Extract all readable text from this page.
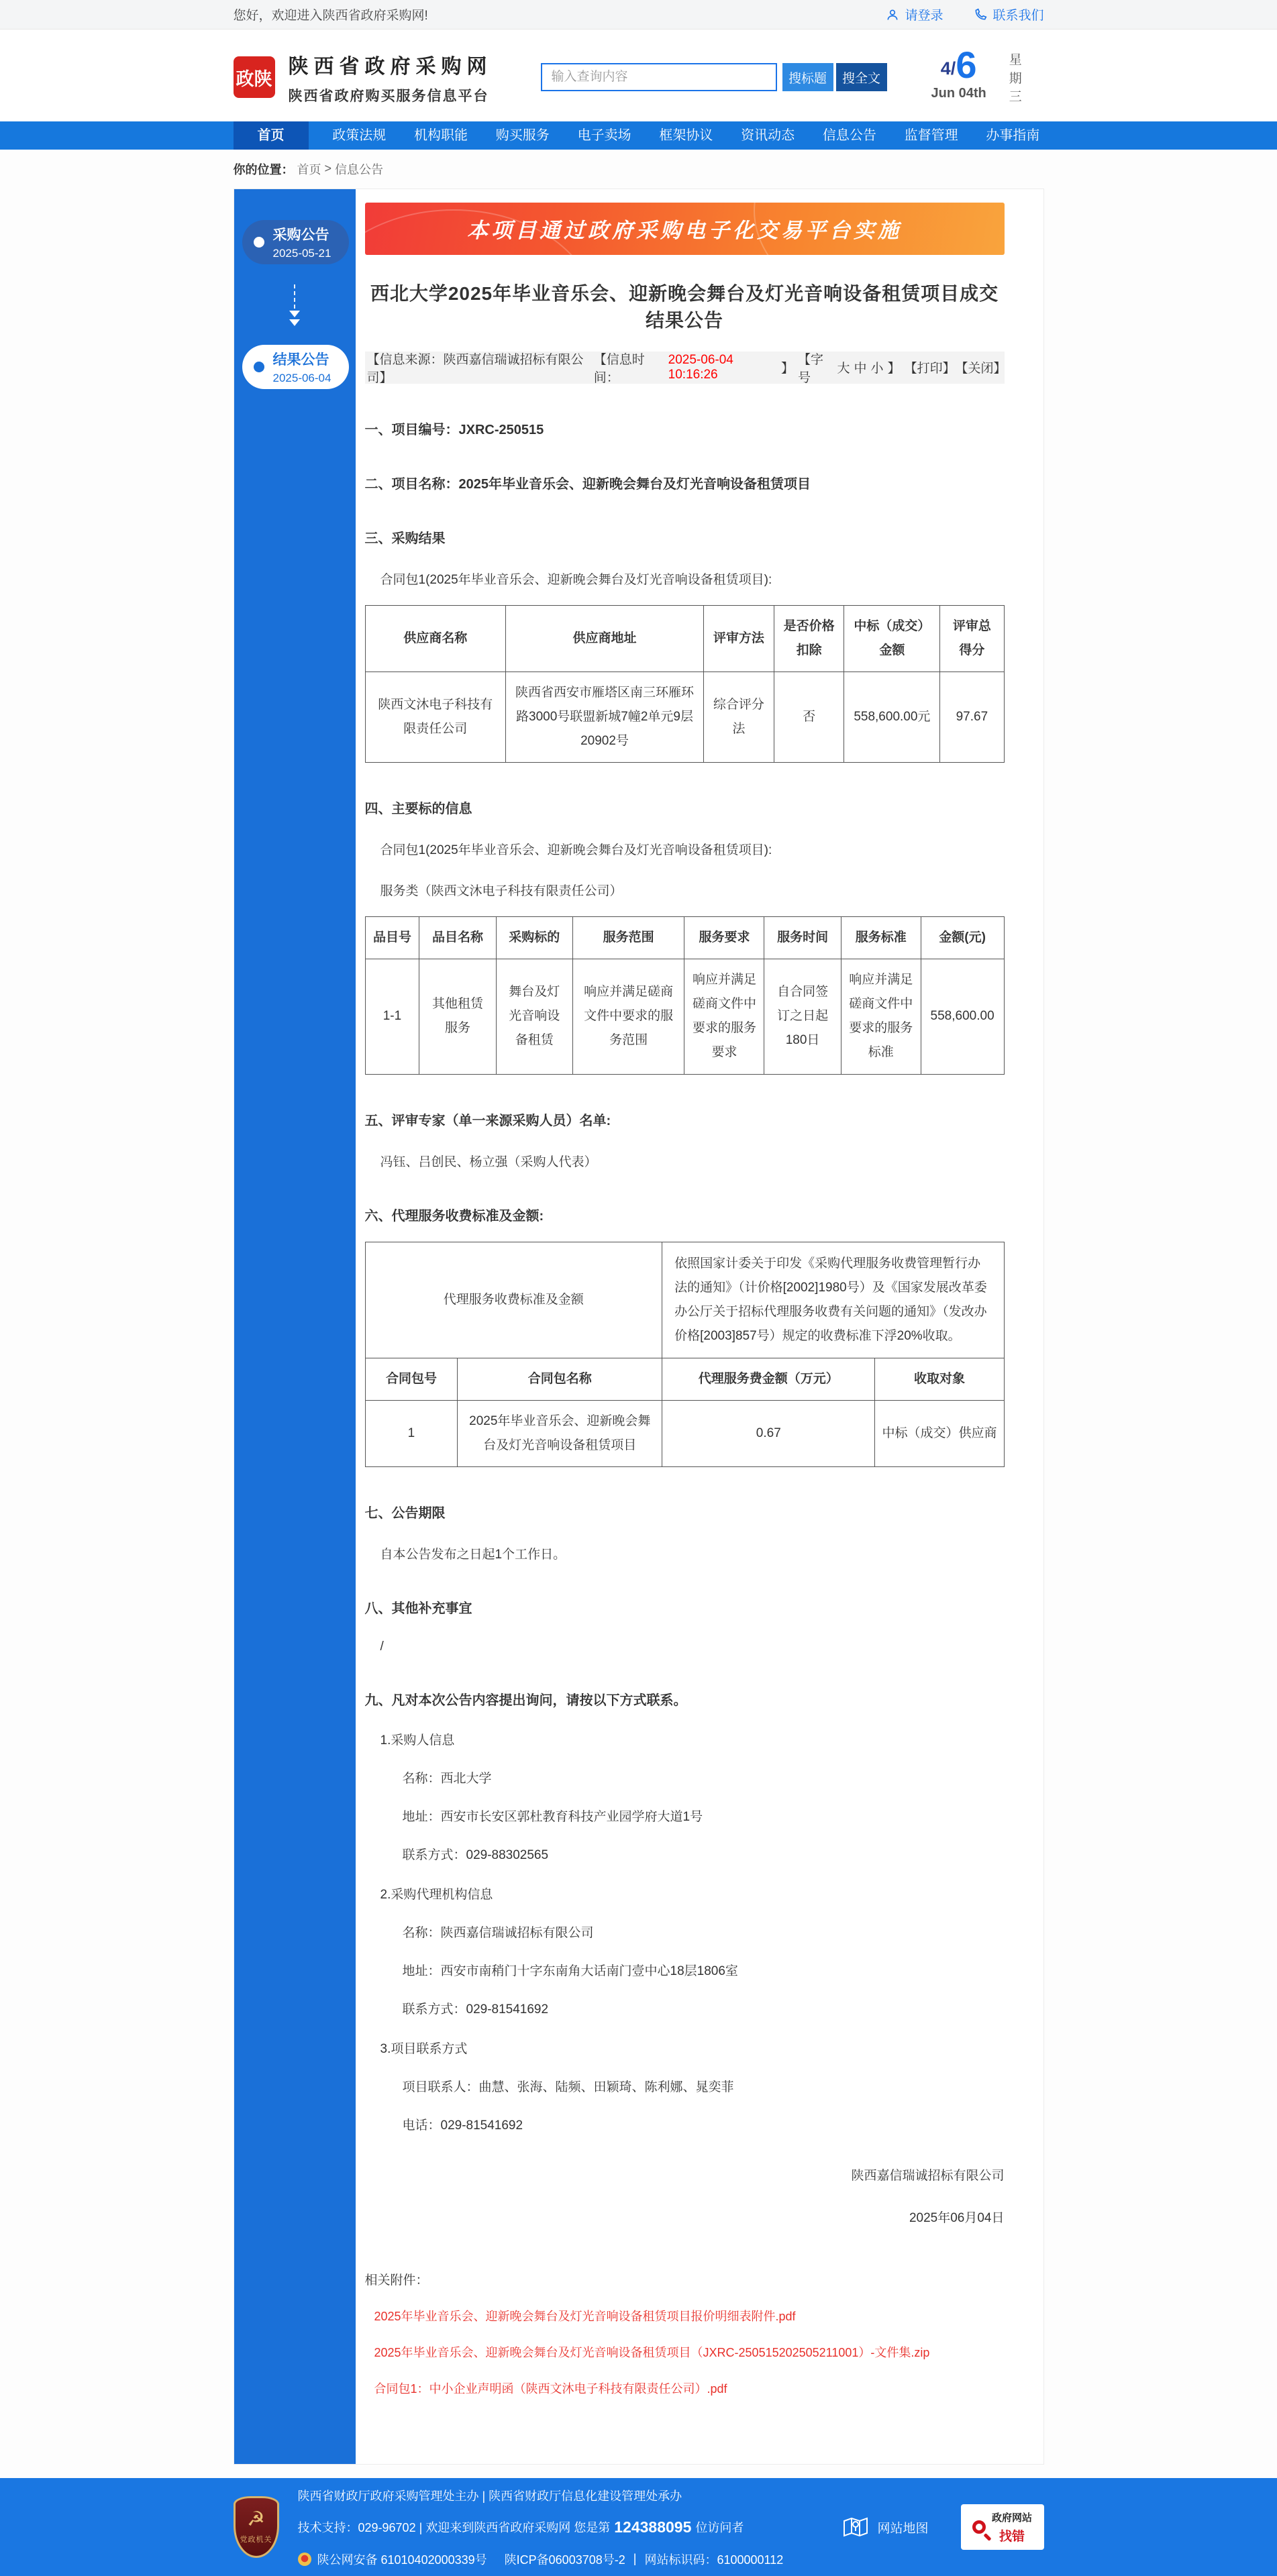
您好，欢迎进入陕西省政府采购网!	请登录	联系我们
政陕
陕西省政府采购网
陕西省政府购买服务信息平台
输入查询内容
搜标题	搜全文	4/ 6
Jun 04th
星期三
首页	政策法规	机构职能	购买服务	电子卖场	框架协议	资讯动态	信息公告	监督管理	办事指南
你的位置： 首页 > 信息公告
采购公告
2025-05-21
结果公告
2025-06-04
本项目通过政府采购电子化交易平台实施
西北大学2025年毕业音乐会、迎新晚会舞台及灯光音响设备租赁项目成交结果公告
【信息来源：陕西嘉信瑞诚招标有限公司】
【信息时间：
2025-06-04 10:16:26	】
【字号
大 中 小 】 【打印】 【关闭】
一、项目编号：JXRC-250515
二、项目名称：2025年毕业音乐会、迎新晚会舞台及灯光音响设备租赁项目
三、采购结果
合同包1(2025年毕业音乐会、迎新晚会舞台及灯光音响设备租赁项目):
供应商名称	供应商地址	评审方法	是否价格扣除	中标（成交）金额	评审总得分
陕西文沐电子科技有限责任公司	陕西省西安市雁塔区南三环雁环路3000号联盟新城7幢2单元9层20902号	综合评分法	否	558,600.00元	97.67
四、主要标的信息
合同包1(2025年毕业音乐会、迎新晚会舞台及灯光音响设备租赁项目):
服务类（陕西文沐电子科技有限责任公司）
品目号	品目名称	采购标的	服务范围	服务要求	服务时间	服务标准	金额(元)
1-1	其他租赁服务	舞台及灯光音响设备租赁	响应并满足磋商文件中要求的服务范围	响应并满足磋商文件中要求的服务 要求	自合同签订之日起180日	响应并满足磋商文件中要求的服务标准	558,600.00
五、评审专家（单一来源采购人员）名单:
冯钰、吕创民、杨立强（采购人代表）
六、代理服务收费标准及金额:
代理服务收费标准及金额		依照国家计委关于印发《采购代理服务收费管理暂行办法的通知》（计价格[2002]1980号）及《国家发展改革委办公厅关于招标代理服务收费有关问题的通知》（发改办价格[2003]857号）规定的收费标准下浮20%收取。	
合同包号	合同包名称	代理服务费金额（万元）	收取对象
1	2025年毕业音乐会、迎新晚会舞台及灯光音响设备租赁项目	0.67	中标（成交）供应商
七、公告期限
自本公告发布之日起1个工作日。
八、其他补充事宜
/
九、凡对本次公告内容提出询问，请按以下方式联系。
1.采购人信息
名称：西北大学
地址：西安市长安区郭杜教育科技产业园学府大道1号
联系方式：029-88302565
2.采购代理机构信息
名称：陕西嘉信瑞诚招标有限公司
地址：西安市南稍门十字东南角大话南门壹中心18层1806室
联系方式：029-81541692
3.项目联系方式
项目联系人：曲慧、张海、陆频、田颖琦、陈利娜、晁奕菲
电话：029-81541692
陕西嘉信瑞诚招标有限公司
2025年06月04日
相关附件：
2025年毕业音乐会、迎新晚会舞台及灯光音响设备租赁项目报价明细表附件.pdf
2025年毕业音乐会、迎新晚会舞台及灯光音响设备租赁项目（JXRC-250515202505211001）-文件集.zip
合同包1：中小企业声明函（陕西文沐电子科技有限责任公司）.pdf
☭
党政机关
陕西省财政厅政府采购管理处主办 | 陕西省财政厅信息化建设管理处承办
技术支持：029-96702 | 欢迎来到陕西省政府采购网 您是第 124388095 位访问者
陕公网安备 61010402000339号 陕ICP备06003708号-2 | 网站标识码：6100000112
网站地图
政府网站
找错
